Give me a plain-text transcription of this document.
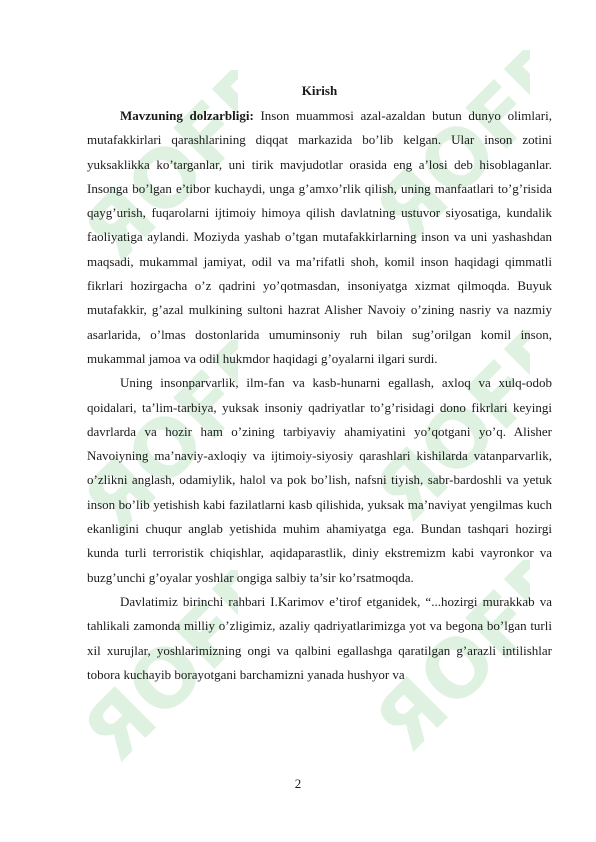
ЯOFF ЯOFF
ЯOFF ЯOFF
ЯOFF ЯOFF
Kirish

Mavzuning dolzarbligi: Inson muammosi azal-azaldan butun dunyo olimlari, mutafakkirlari qarashlarining diqqat markazida bo’lib kelgan. Ular inson zotini yuksaklikka ko’targanlar, uni tirik mavjudotlar orasida eng a’losi deb hisoblaganlar. Insonga bo’lgan e’tibor kuchaydi, unga g’amxo’rlik qilish, uning manfaatlari to’g’risida qayg’urish, fuqarolarni ijtimoiy himoya qilish davlatning ustuvor siyosatiga, kundalik faoliyatiga aylandi. Moziyda yashab o’tgan mutafakkirlarning inson va uni yashashdan maqsadi, mukammal jamiyat, odil va ma’rifatli shoh, komil inson haqidagi qimmatli fikrlari hozirgacha o’z qadrini yo’qotmasdan, insoniyatga xizmat qilmoqda. Buyuk mutafakkir, g’azal mulkining sultoni hazrat Alisher Navoiy o’zining nasriy va nazmiy asarlarida, o’lmas dostonlarida umuminsoniy ruh bilan sug’orilgan komil inson, mukammal jamoa va odil hukmdor haqidagi g’oyalarni ilgari surdi.

Uning insonparvarlik, ilm-fan va kasb-hunarni egallash, axloq va xulq-odob qoidalari, ta’lim-tarbiya, yuksak insoniy qadriyatlar to’g’risidagi dono fikrlari keyingi davrlarda va hozir ham o’zining tarbiyaviy ahamiyatini yo’qotgani yo’q. Alisher Navoiyning ma’naviy-axloqiy va ijtimoiy-siyosiy qarashlari kishilarda vatanparvarlik, o’zlikni anglash, odamiylik, halol va pok bo’lish, nafsni tiyish, sabr-bardoshli va yetuk inson bo’lib yetishish kabi fazilatlarni kasb qilishida, yuksak ma’naviyat yengilmas kuch ekanligini chuqur anglab yetishida muhim ahamiyatga ega. Bundan tashqari hozirgi kunda turli terroristik chiqishlar, aqidaparastlik, diniy ekstremizm kabi vayronkor va buzg’unchi g’oyalar yoshlar ongiga salbiy ta’sir ko’rsatmoqda.

Davlatimiz birinchi rahbari I.Karimov e’tirof etganidek, “...hozirgi murakkab va tahlikali zamonda milliy o’zligimiz, azaliy qadriyatlarimizga yot va begona bo’lgan turli xil xurujlar, yoshlarimizning ongi va qalbini egallashga qaratilgan g’arazli intilishlar tobora kuchayib borayotgani barchamizni yanada hushyor va

2
